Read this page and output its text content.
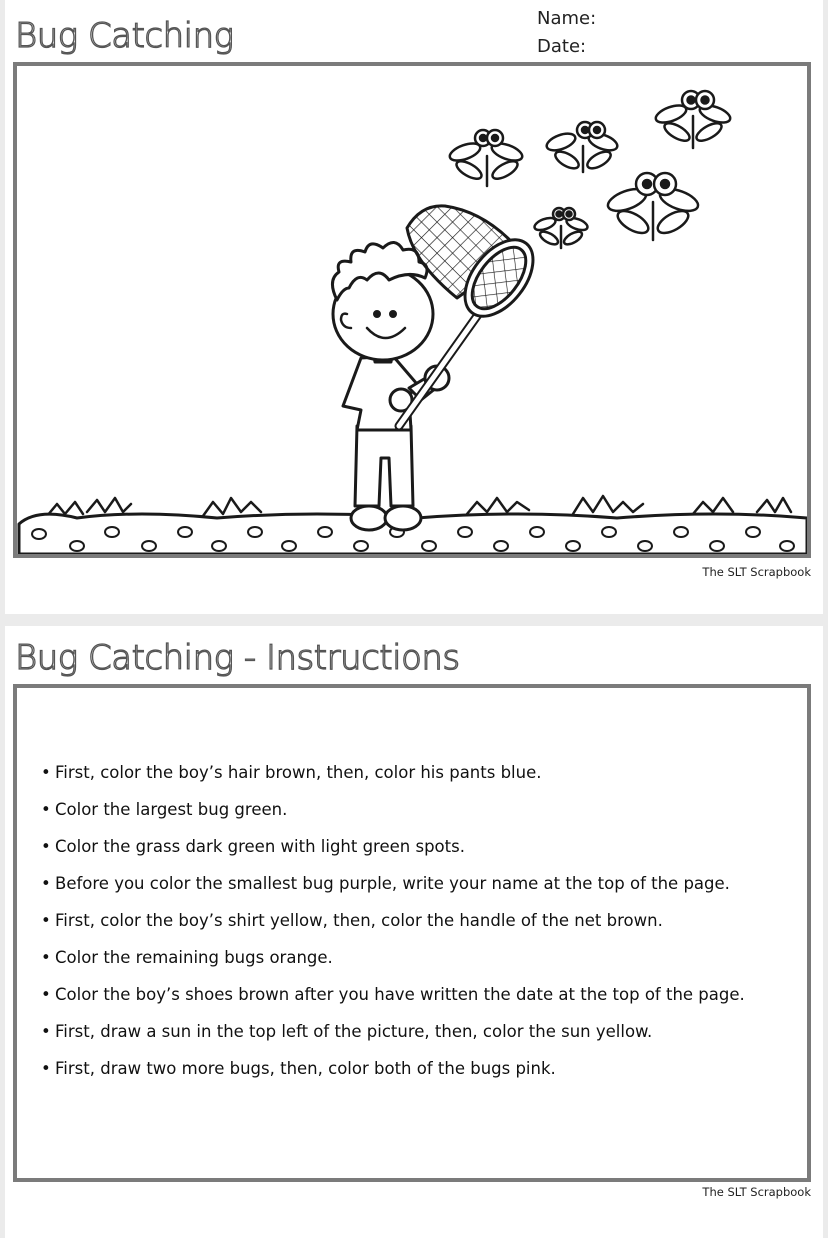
Bug Catching	Name:
Date:
The SLT Scrapbook
Bug Catching - Instructions
• First, color the boy’s hair brown, then, color his pants blue.
• Color the largest bug green.
• Color the grass dark green with light green spots.
• Before you color the smallest bug purple, write your name at the top of the page.
• First, color the boy’s shirt yellow, then, color the handle of the net brown.
• Color the remaining bugs orange.
• Color the boy’s shoes brown after you have written the date at the top of the page.
• First, draw a sun in the top left of the picture, then, color the sun yellow.
• First, draw two more bugs, then, color both of the bugs pink.
The SLT Scrapbook
